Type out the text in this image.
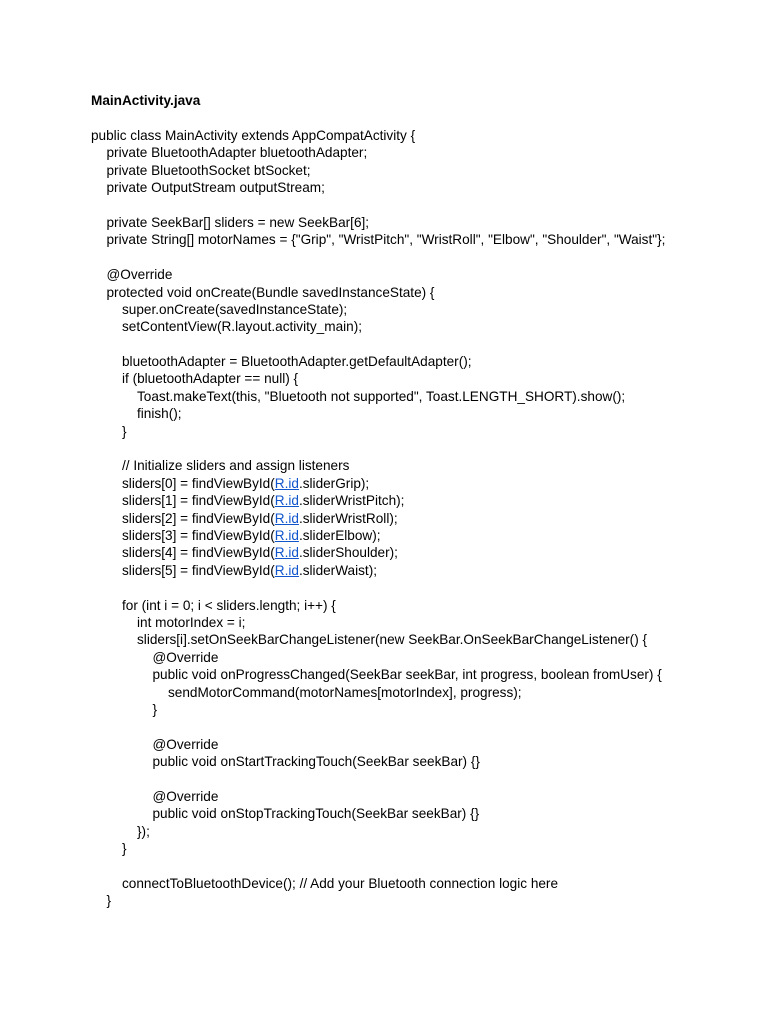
MainActivity.java
public class MainActivity extends AppCompatActivity {
private BluetoothAdapter bluetoothAdapter;
private BluetoothSocket btSocket;
private OutputStream outputStream;
private SeekBar[] sliders = new SeekBar[6];
private String[] motorNames = {"Grip", "WristPitch", "WristRoll", "Elbow", "Shoulder", "Waist"};
@Override
protected void onCreate(Bundle savedInstanceState) {
super.onCreate(savedInstanceState);
setContentView(R.layout.activity_main);
bluetoothAdapter = BluetoothAdapter.getDefaultAdapter();
if (bluetoothAdapter == null) {
Toast.makeText(this, "Bluetooth not supported", Toast.LENGTH_SHORT).show();
finish();
}
// Initialize sliders and assign listeners
sliders[0] = findViewById(R.id.sliderGrip);
sliders[1] = findViewById(R.id.sliderWristPitch);
sliders[2] = findViewById(R.id.sliderWristRoll);
sliders[3] = findViewById(R.id.sliderElbow);
sliders[4] = findViewById(R.id.sliderShoulder);
sliders[5] = findViewById(R.id.sliderWaist);
for (int i = 0; i < sliders.length; i++) {
int motorIndex = i;
sliders[i].setOnSeekBarChangeListener(new SeekBar.OnSeekBarChangeListener() {
@Override
public void onProgressChanged(SeekBar seekBar, int progress, boolean fromUser) {
sendMotorCommand(motorNames[motorIndex], progress);
}
@Override
public void onStartTrackingTouch(SeekBar seekBar) {}
@Override
public void onStopTrackingTouch(SeekBar seekBar) {}
});
}
connectToBluetoothDevice(); // Add your Bluetooth connection logic here
}
